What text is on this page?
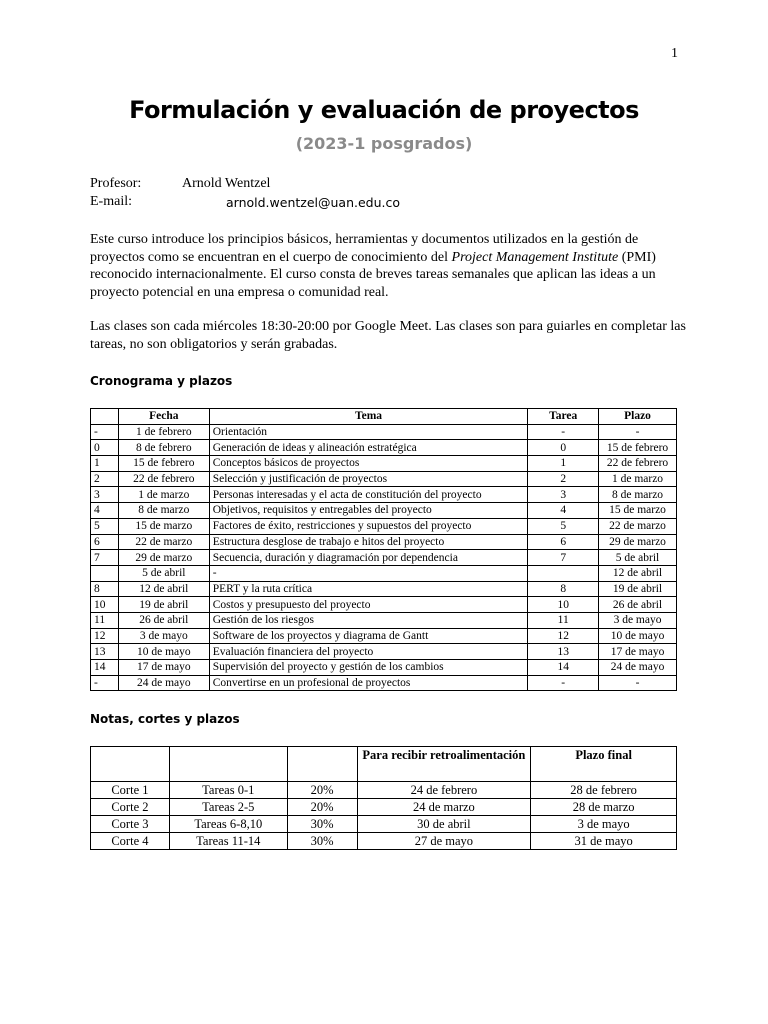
1
Formulación y evaluación de proyectos
(2023-1 posgrados)
Profesor:	Arnold Wentzel
E-mail:	arnold.wentzel@uan.edu.co

Este curso introduce los principios básicos, herramientas y documentos utilizados en la gestión de proyectos como se encuentran en el cuerpo de conocimiento del Project Management Institute (PMI) reconocido internacionalmente. El curso consta de breves tareas semanales que aplican las ideas a un proyecto potencial en una empresa o comunidad real.

Las clases son cada miércoles 18:30-20:00 por Google Meet. Las clases son para guiarles en completar las tareas, no son obligatorios y serán grabadas.

Cronograma y plazos
	Fecha	Tema	Tarea	Plazo
-	1 de febrero	Orientación	-	-
0	8 de febrero	Generación de ideas y alineación estratégica	0	15 de febrero
1	15 de febrero	Conceptos básicos de proyectos	1	22 de febrero
2	22 de febrero	Selección y justificación de proyectos	2	1 de marzo
3	1 de marzo	Personas interesadas y el acta de constitución del proyecto	3	8 de marzo
4	8 de marzo	Objetivos, requisitos y entregables del proyecto	4	15 de marzo
5	15 de marzo	Factores de éxito, restricciones y supuestos del proyecto	5	22 de marzo
6	22 de marzo	Estructura desglose de trabajo e hitos del proyecto	6	29 de marzo
7	29 de marzo	Secuencia, duración y diagramación por dependencia	7	5 de abril
	5 de abril	-		12 de abril
8	12 de abril	PERT y la ruta crítica	8	19 de abril
10	19 de abril	Costos y presupuesto del proyecto	10	26 de abril
11	26 de abril	Gestión de los riesgos	11	3 de mayo
12	3 de mayo	Software de los proyectos y diagrama de Gantt	12	10 de mayo
13	10 de mayo	Evaluación financiera del proyecto	13	17 de mayo
14	17 de mayo	Supervisión del proyecto y gestión de los cambios	14	24 de mayo
-	24 de mayo	Convertirse en un profesional de proyectos	-	-
Notas, cortes y plazos
			Para recibir retroalimentación	Plazo final
Corte 1	Tareas 0-1	20%	24 de febrero	28 de febrero
Corte 2	Tareas 2-5	20%	24 de marzo	28 de marzo
Corte 3	Tareas 6-8,10	30%	30 de abril	3 de mayo
Corte 4	Tareas 11-14	30%	27 de mayo	31 de mayo
